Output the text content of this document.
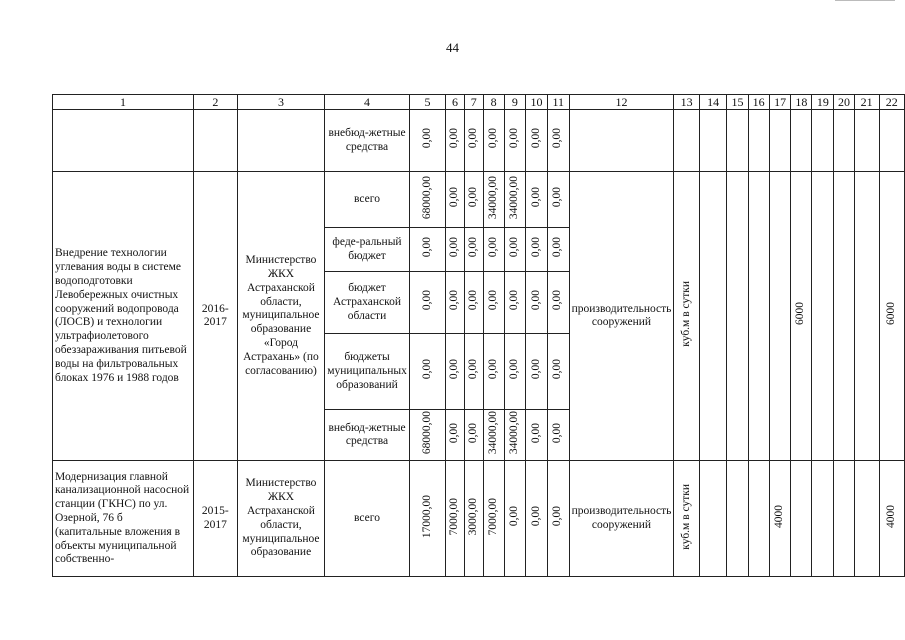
44
1	2	3	4	5	6	7	8	9	10	11	12	13	14	15	16	17	18	19	20	21	22
			внебюд-жетные средства	0,00	0,00	0,00	0,00	0,00	0,00	0,00											
Внедрение технологии углевания воды в системе водоподготовки Левобережных очистных сооружений водопровода (ЛОСВ) и технологии ультрафиолетового обеззараживания питьевой воды на фильтровальных блоках 1976 и 1988 годов	2016-2017	Министерство ЖКХ Астраханской области, муниципальное образование «Город Астрахань» (по согласованию)	всего	68000,00	0,00	0,00	34000,00	34000,00	0,00	0,00	производительность сооружений	куб.м в сутки					6000				6000
			феде-ральный бюджет	0,00	0,00	0,00	0,00	0,00	0,00	0,00											
			бюджет Астраханской области	0,00	0,00	0,00	0,00	0,00	0,00	0,00											
			бюджеты муниципальных образований	0,00	0,00	0,00	0,00	0,00	0,00	0,00											
			внебюд-жетные средства	68000,00	0,00	0,00	34000,00	34000,00	0,00	0,00											
Модернизация главной канализационной насосной станции (ГКНС) по ул. Озерной, 76 б (капитальные вложения в объекты муниципальной собственно-	2015-2017	Министерство ЖКХ Астраханской области, муниципальное образование	всего	17000,00	7000,00	3000,00	7000,00	0,00	0,00	0,00	производительность сооружений	куб.м в сутки				4000					4000
